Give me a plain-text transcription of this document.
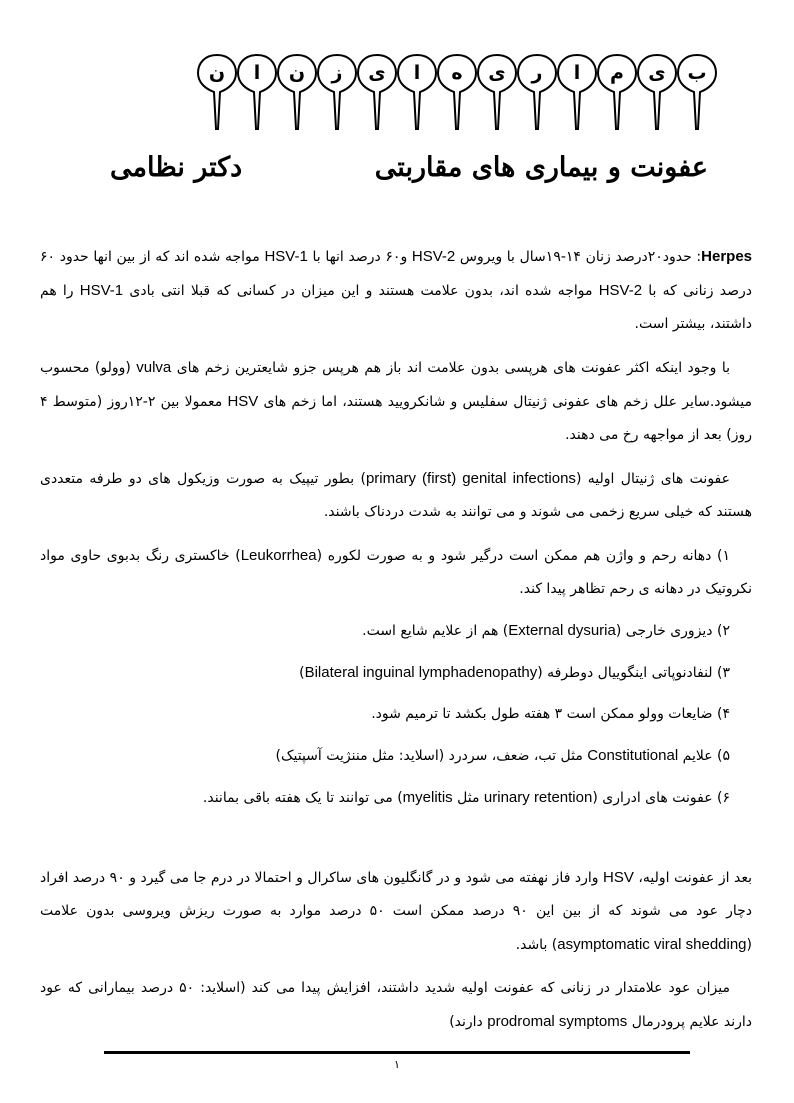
ب
ی
م
ا
ر
ی
ه
ا
ی
ز
ن
ا
ن
عفونت و بیماری های مقاربتی
دکتر نظامی

Herpes: حدود۲۰درصد زنان ۱۴-۱۹سال با ویروس HSV-2 و۶۰ درصد انها با HSV-1 مواجه شده اند که از بین انها حدود ۶۰ درصد زنانی که با HSV-2 مواجه شده اند، بدون علامت هستند و این میزان در کسانی که قبلا انتی بادی HSV-1 را هم داشتند، بیشتر است.

با وجود اینکه اکثر عفونت های هرپسی بدون علامت اند باز هم هرپس جزو شایعترین زخم های vulva (وولو) محسوب میشود.سایر علل زخم های عفونی ژنیتال سفلیس و شانکرویید هستند، اما زخم های HSV معمولا بین ۲-۱۲روز (متوسط ۴ روز) بعد از مواجهه رخ می دهند.

عفونت های ژنیتال اولیه (primary (first) genital infections) بطور تیپیک به صورت وزیکول های دو طرفه متعددی هستند که خیلی سریع زخمی می شوند و می توانند به شدت دردناک باشند.

۱) دهانه رحم و واژن هم ممکن است درگیر شود و به صورت لکوره (Leukorrhea) خاکستری رنگ بدبوی حاوی مواد نکروتیک در دهانه ی رحم تظاهر پیدا کند.

۲) دیزوری خارجی (External dysuria) هم از علایم شایع است.

۳) لنفادنوپاتی اینگوییال دوطرفه (Bilateral inguinal lymphadenopathy)

۴) ضایعات وولو ممکن است ۳ هفته طول بکشد تا ترمیم شود.

۵) علایم Constitutional مثل تب، ضعف، سردرد (اسلاید: مثل مننژیت آسپتیک)

۶) عفونت های ادراری (urinary retention مثل myelitis) می توانند تا یک هفته باقی بمانند.

بعد از عفونت اولیه، HSV وارد فاز نهفته می شود و در گانگلیون های ساکرال و احتمالا در درم جا می گیرد و ۹۰ درصد افراد دچار عود می شوند که از بین این ۹۰ درصد ممکن است ۵۰ درصد موارد به صورت ریزش ویروسی بدون علامت (asymptomatic viral shedding) باشد.

میزان عود علامتدار در زنانی که عفونت اولیه شدید داشتند، افزایش پیدا می کند (اسلاید: ۵۰ درصد بیمارانی که عود دارند علایم پرودرمال prodromal symptoms دارند)

۱
